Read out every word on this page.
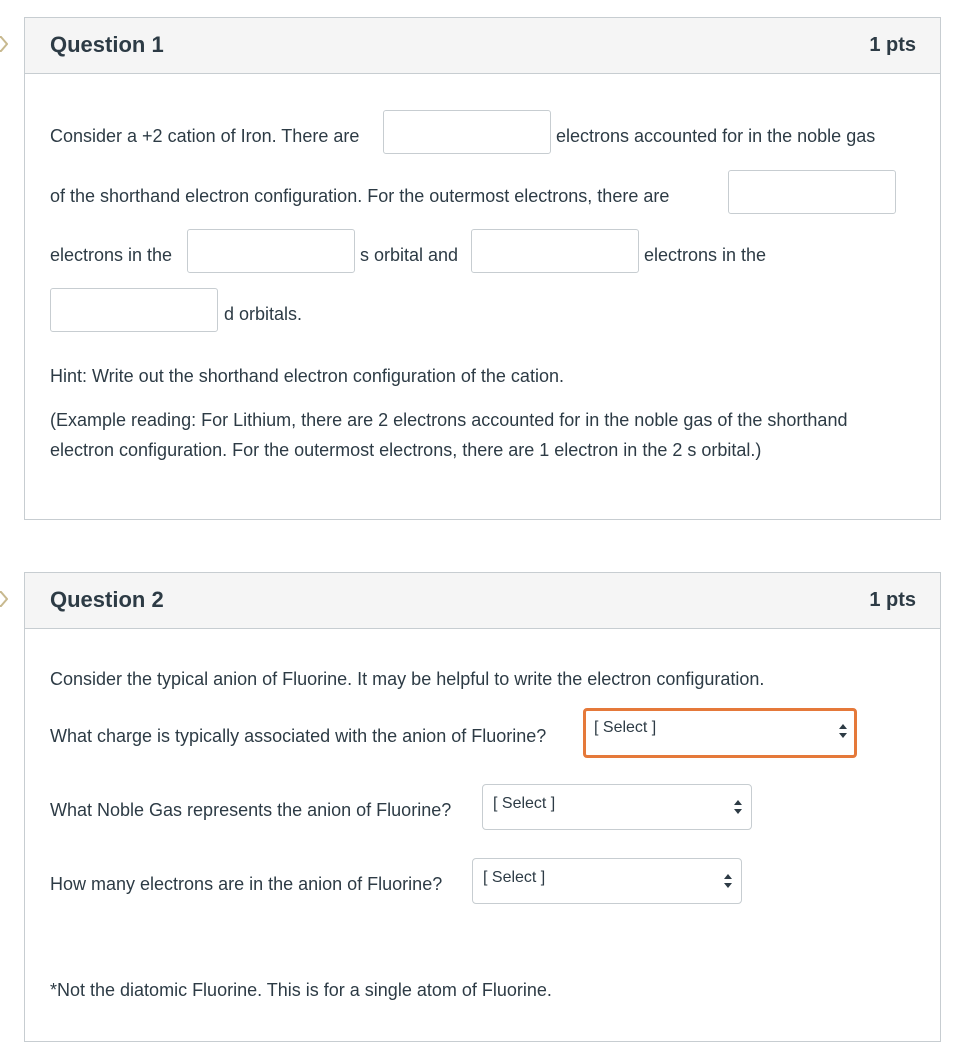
Question 1	1 pts
Consider a +2 cation of Iron. There are	electrons accounted for in the noble gas
of the shorthand electron configuration. For the outermost electrons, there are
electrons in the	s orbital and	electrons in the
d orbitals.
Hint: Write out the shorthand electron configuration of the cation.
(Example reading: For Lithium, there are 2 electrons accounted for in the noble gas of the shorthand
electron configuration. For the outermost electrons, there are 1 electron in the 2 s orbital.)
Question 2	1 pts
Consider the typical anion of Fluorine. It may be helpful to write the electron configuration.
What charge is typically associated with the anion of Fluorine?	[ Select ]
What Noble Gas represents the anion of Fluorine?	[ Select ]
How many electrons are in the anion of Fluorine?	[ Select ]
*Not the diatomic Fluorine. This is for a single atom of Fluorine.
